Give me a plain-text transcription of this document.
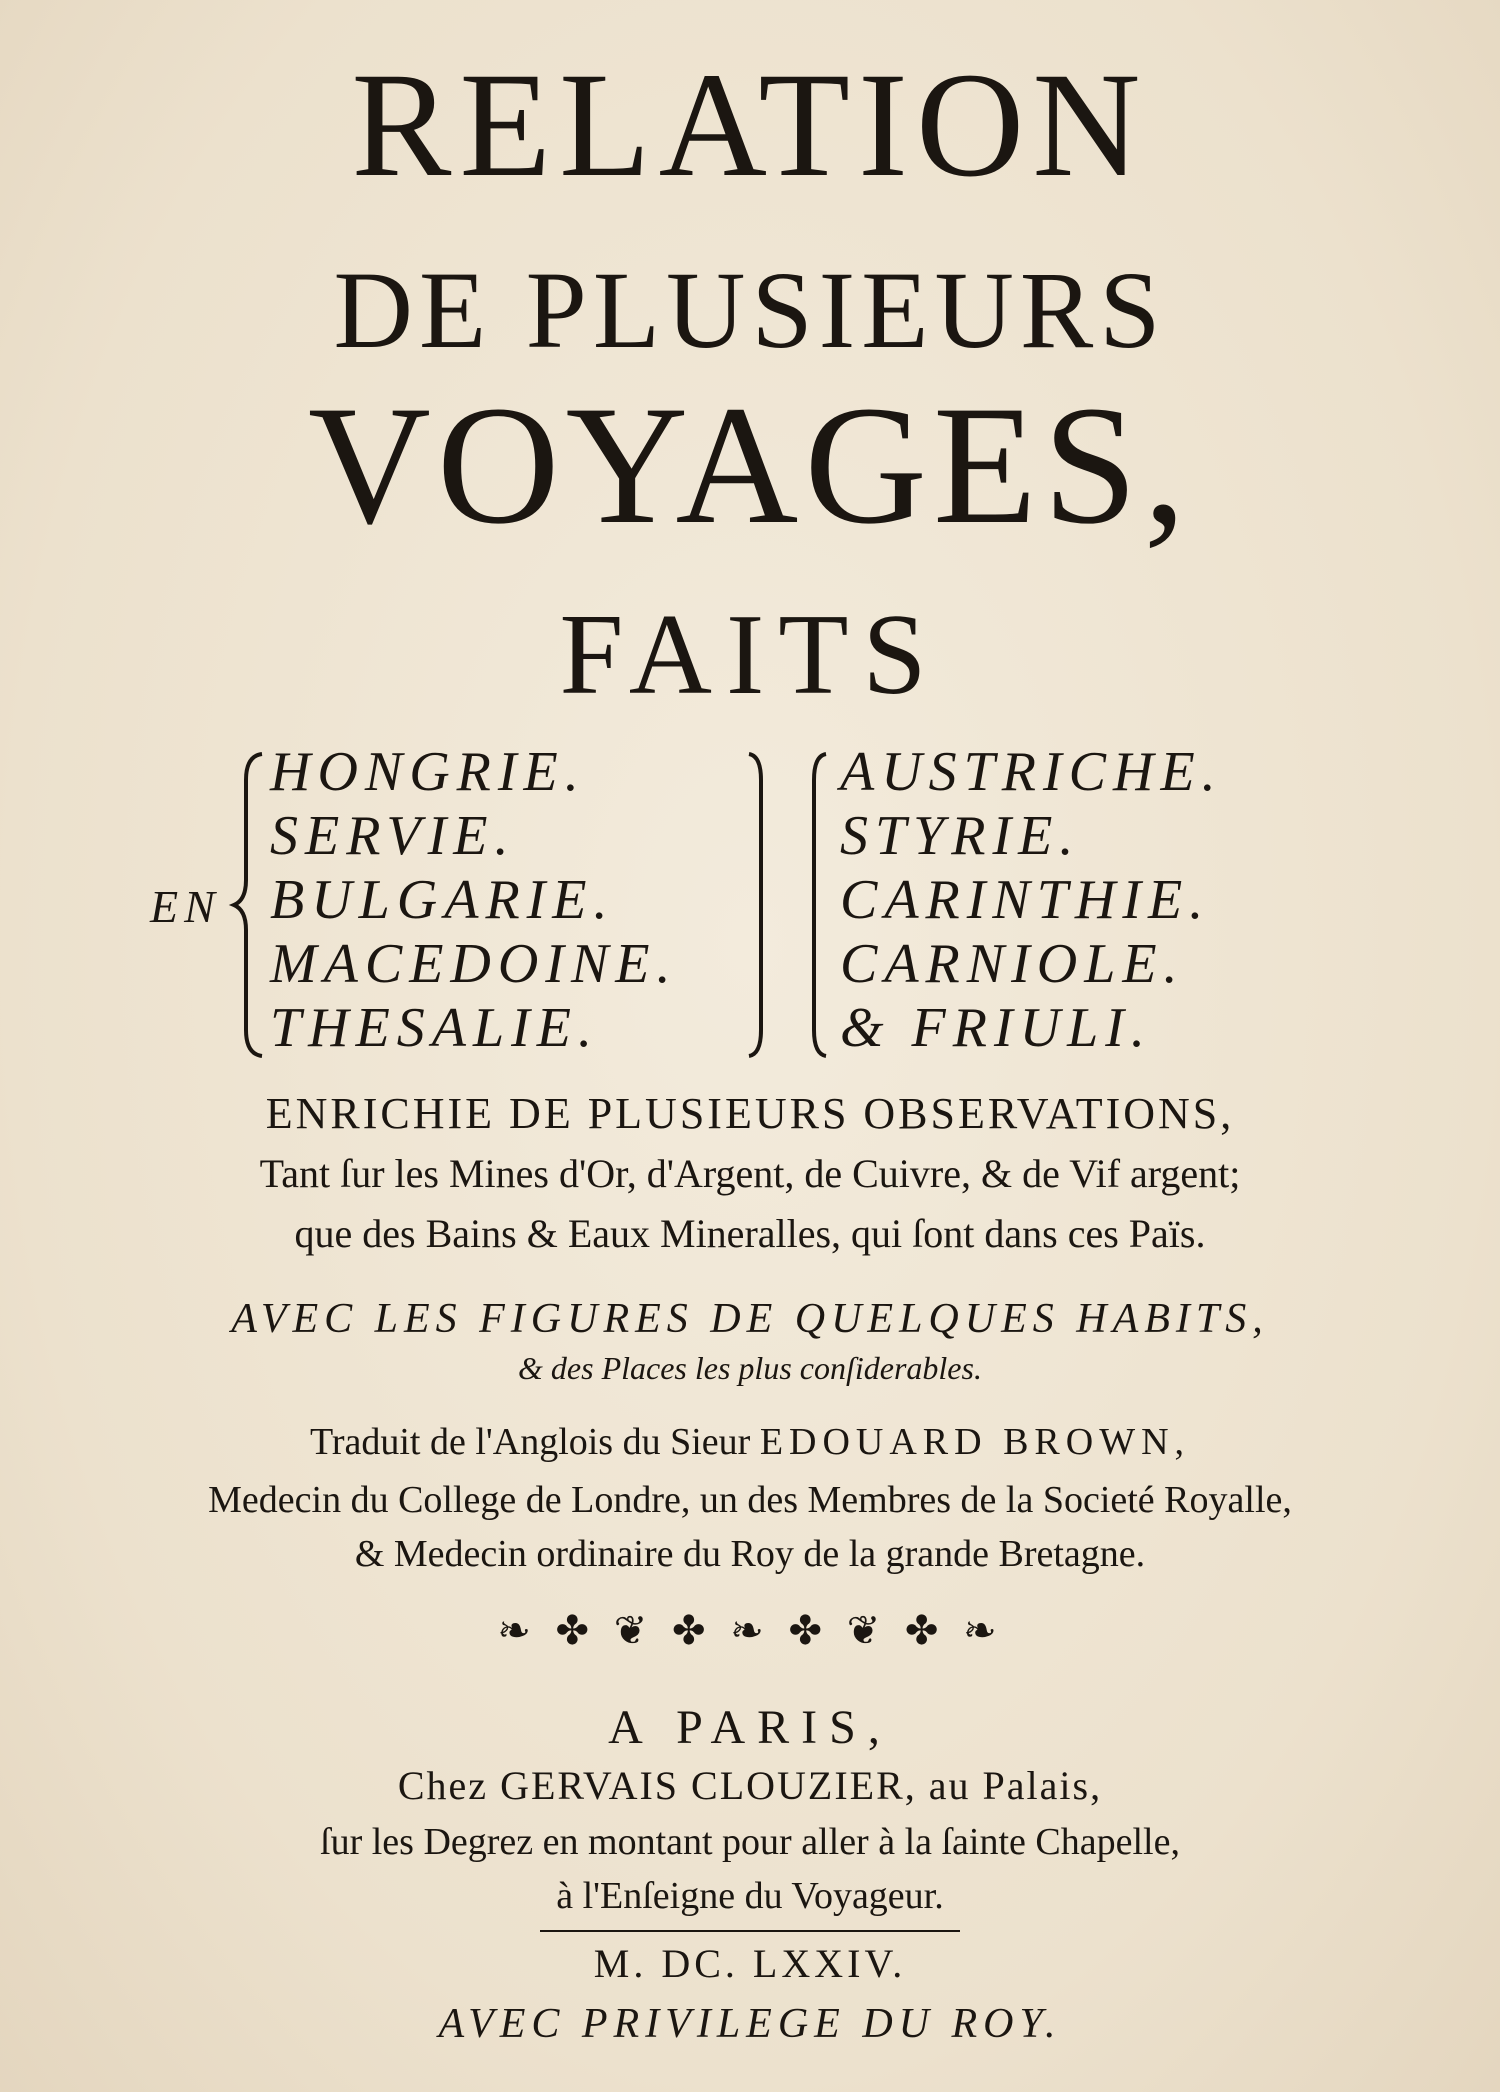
RELATION
DE PLUSIEURS
VOYAGES,
FAITS
EN
HONGRIE.
SERVIE.
BULGARIE.
MACEDOINE.
THESALIE.
AUSTRICHE.
STYRIE.
CARINTHIE.
CARNIOLE.
& FRIULI.
ENRICHIE DE PLUSIEURS OBSERVATIONS,
Tant ſur les Mines d'Or, d'Argent, de Cuivre, & de Vif argent;
que des Bains & Eaux Mineralles, qui ſont dans ces Païs.
AVEC LES FIGURES DE QUELQUES HABITS,
& des Places les plus conſiderables.
Traduit de l'Anglois du Sieur EDOUARD BROWN,
Medecin du College de Londre, un des Membres de la Societé Royalle,
& Medecin ordinaire du Roy de la grande Bretagne.
❧ ✤ ❦ ✤ ❧ ✤ ❦ ✤ ❧
A PARIS,
Chez GERVAIS CLOUZIER, au Palais,
ſur les Degrez en montant pour aller à la ſainte Chapelle,
à l'Enſeigne du Voyageur.
M. DC. LXXIV.
AVEC PRIVILEGE DU ROY.
